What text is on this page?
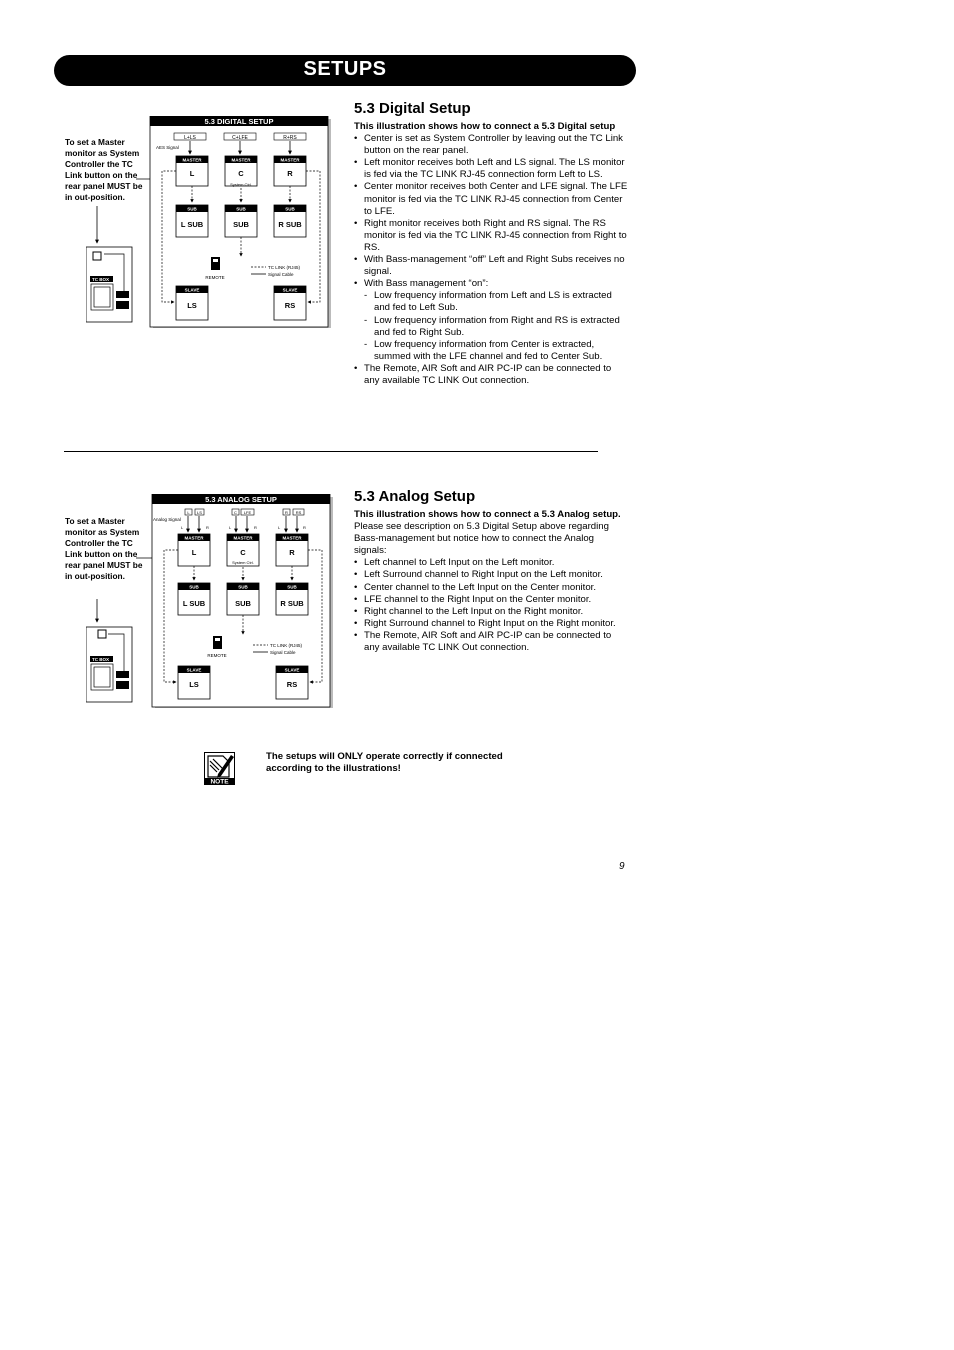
SETUPS
To set a Master monitor as System Controller the TC Link button on the rear panel MUST be in out-position.
TC BOX
5.3 DIGITAL SETUP
L+LS	C+LFE	R+RS
AES Signal
MASTER
L
MASTER
C
System Ctrl.
MASTER
R
SUB
L SUB
SUB
SUB
SUB
R SUB
REMOTE
TC LINK (RJ45)
Signal Cable
SLAVE
LS
SLAVE
RS
5.3 Digital Setup
This illustration shows how to connect a 5.3 Digital setup
• Center is set as System Controller by leaving out the TC Link button on the rear panel.
• Left monitor receives both Left and LS signal. The LS monitor is fed via the TC LINK RJ-45 connection form Left to LS.
• Center monitor receives both Center and LFE signal. The LFE monitor is fed via the TC LINK RJ-45 connection from Center to LFE.
• Right monitor receives both Right and RS signal. The RS monitor is fed via the TC LINK RJ-45 connection from Right to RS.
• With Bass-management “off” Left and Right Subs receives no signal.
• With Bass management “on”:
- Low frequency information from Left and LS is extracted and fed to Left Sub.
- Low frequency information from Right and RS is extracted and fed to Right Sub.
- Low frequency information from Center is extracted, summed with the LFE channel and fed to Center Sub.
• The Remote, AIR Soft and AIR PC-IP can be connected to any available TC LINK Out connection.
To set a Master monitor as System Controller the TC Link button on the rear panel MUST be in out-position.
TC BOX
5.3 ANALOG SETUP
L LS	C LFE	R RS
Analog Signal
L	R	L	R	L	R
MASTER
L
MASTER
C
System Ctrl.
MASTER
R
SUB
L SUB
SUB
SUB
SUB
R SUB
REMOTE
TC LINK (RJ45)
Signal Cable
SLAVE
LS
SLAVE
RS
5.3 Analog Setup
This illustration shows how to connect a 5.3 Analog setup.
Please see description on 5.3 Digital Setup above regarding Bass-management but notice how to connect the Analog signals:
• Left channel to Left Input on the Left monitor.
• Left Surround channel to Right Input on the Left monitor.
• Center channel to the Left Input on the Center monitor.
• LFE channel to the Right Input on the Center monitor.
• Right channel to the Left Input on the Right monitor.
• Right Surround channel to Right Input on the Right monitor.
• The Remote, AIR Soft and AIR PC-IP can be connected to any available TC LINK Out connection.
NOTE
The setups will ONLY operate correctly if connected according to the illustrations!
9
